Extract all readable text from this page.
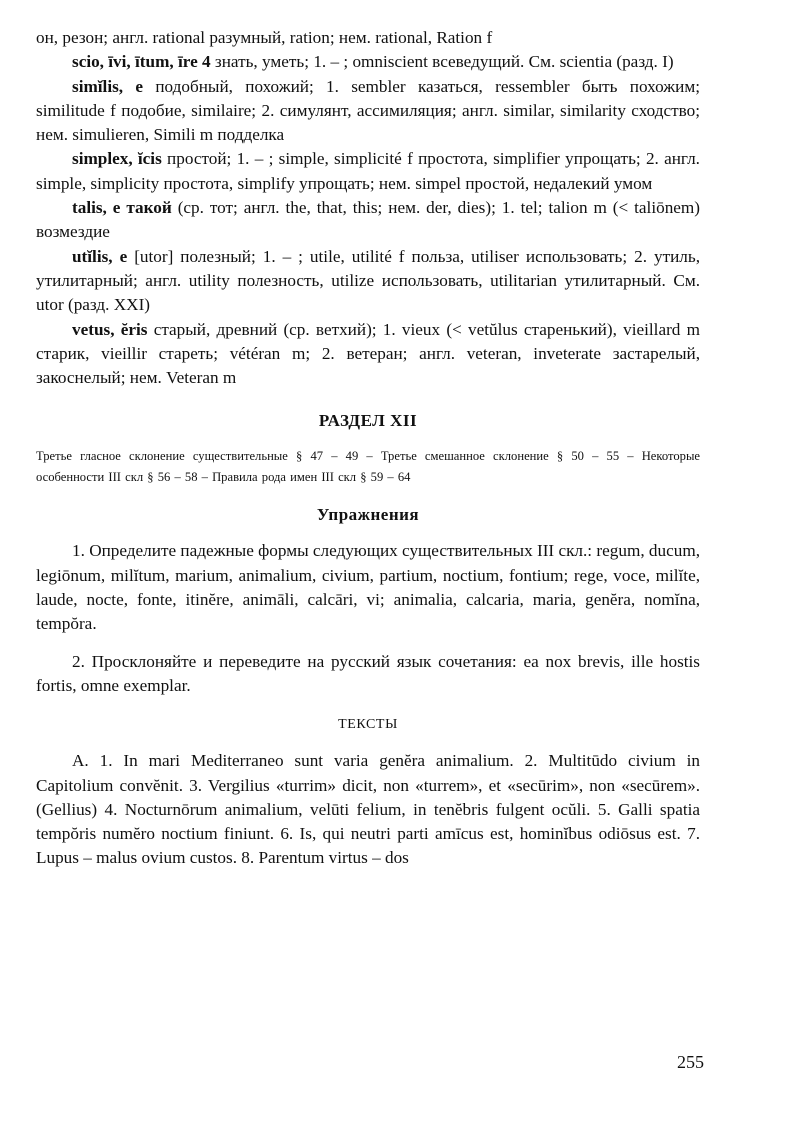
он, резон; англ. rational разумный, ration; нем. rational, Ration f

scio, īvi, ītum, īre 4 знать, уметь; 1. – ; omniscient всеведущий. См. scientia (разд. I)

simĭlis, e подобный, похожий; 1. sembler казаться, ressembler быть похожим; similitude f подобие, similaire; 2. симулянт, ассимиляция; англ. similar, similarity сходство; нем. simulieren, Simili m подделка

simplex, ĭcis простой; 1. – ; simple, simplicité f простота, simplifier упрощать; 2. англ. simple, simplicity простота, simplify упрощать; нем. simpel простой, недалекий умом

talis, e такой (ср. тот; англ. the, that, this; нем. der, dies); 1. tel; talion m (< taliōnem) возмездие

utĭlis, e [utor] полезный; 1. – ; utile, utilité f польза, utiliser использовать; 2. утиль, утилитарный; англ. utility полезность, utilize использовать, utilitarian утилитарный. См. utor (разд. XXI)

vetus, ĕris старый, древний (ср. ветхий); 1. vieux (< vetŭlus старенький), vieillard m старик, vieillir стареть; vétéran m; 2. ветеран; англ. veteran, inveterate застарелый, закоснелый; нем. Veteran m

РАЗДЕЛ XII
Третье гласное склонение существительные § 47 – 49 – Третье смешанное склонение § 50 – 55 – Некоторые особенности III скл § 56 – 58 – Правила рода имен III скл § 59 – 64
Упражнения

1. Определите падежные формы следующих существительных III скл.: regum, ducum, legiōnum, milĭtum, marium, animalium, civium, partium, noctium, fontium; rege, voce, milĭte, laude, nocte, fonte, itinĕre, animāli, calcāri, vi; animalia, calcaria, maria, genĕra, nomĭna, tempŏra.

2. Просклоняйте и переведите на русский язык сочетания: ea nox brevis, ille hostis fortis, omne exemplar.

ТЕКСТЫ

A. 1. In mari Mediterraneo sunt varia genĕra animalium. 2. Multitūdo civium in Capitolium convĕnit. 3. Vergilius «turrim» dicit, non «turrem», et «secūrim», non «secūrem». (Gellius) 4. Nocturnōrum animalium, velūti felium, in tenĕbris fulgent ocŭli. 5. Galli spatia tempŏris numĕro noctium finiunt. 6. Is, qui neutri parti amīcus est, hominĭbus odiōsus est. 7. Lupus – malus ovium custos. 8. Parentum virtus – dos

255
